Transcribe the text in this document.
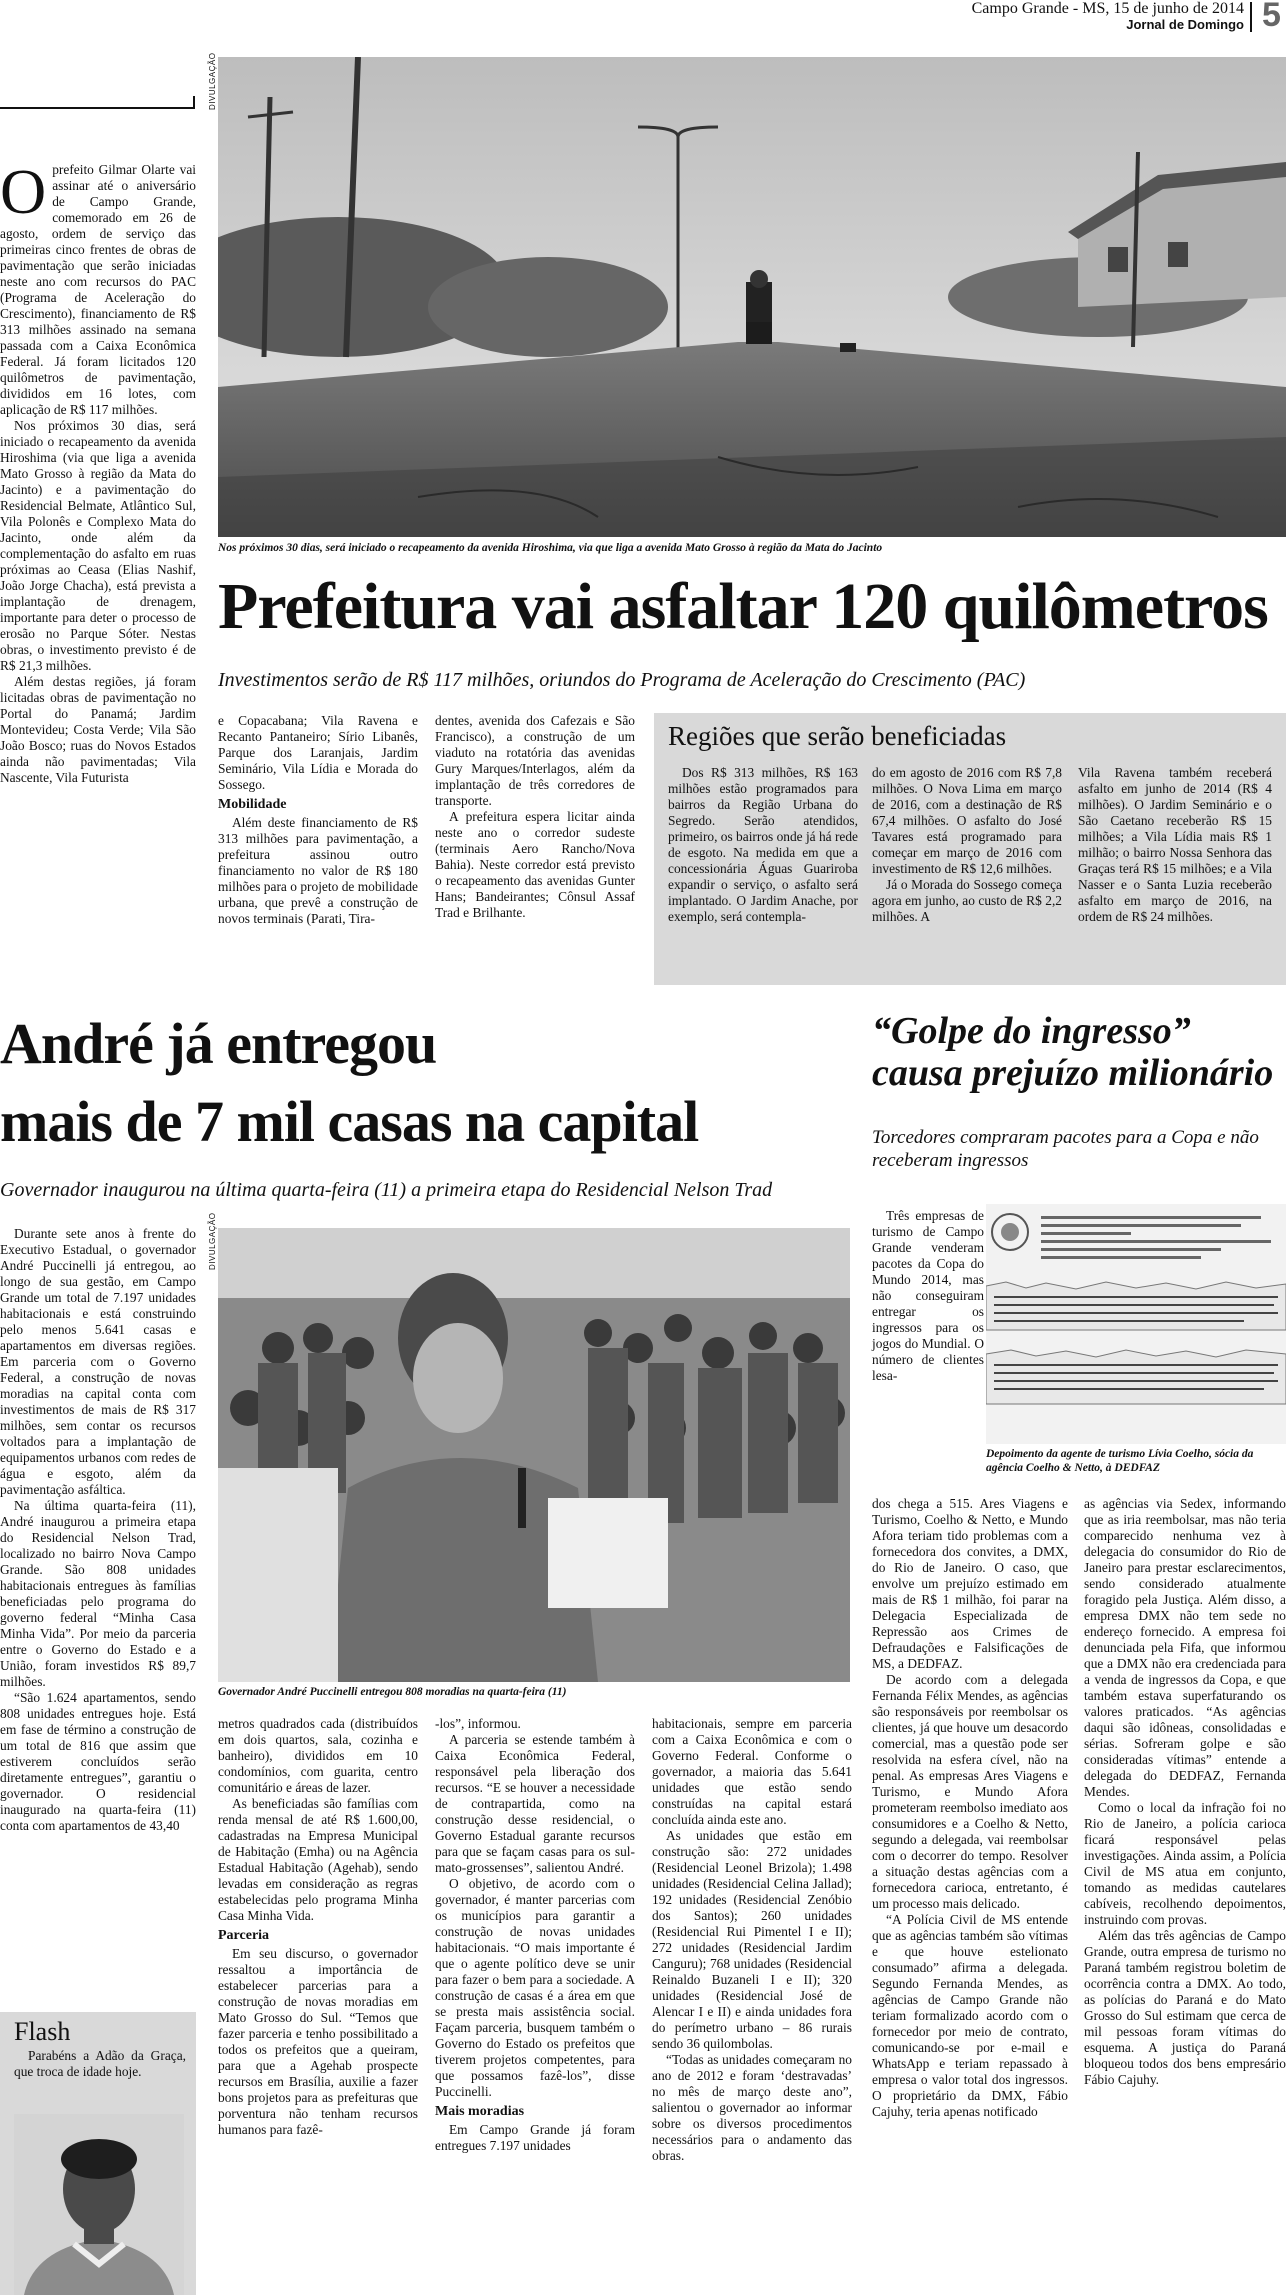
Campo Grande - MS, 15 de junho de 2014
Jornal de Domingo 5
DIVULGAÇÃO

Oprefeito Gilmar Olarte vai assinar até o aniversário de Campo Grande, comemorado em 26 de agosto, ordem de serviço das primeiras cinco frentes de obras de pavimentação que serão iniciadas neste ano com recursos do PAC (Programa de Aceleração do Crescimento), financiamento de R$ 313 milhões assinado na semana passada com a Caixa Econômica Federal. Já foram licitados 120 quilômetros de pavimentação, divididos em 16 lotes, com aplicação de R$ 117 milhões.

Nos próximos 30 dias, será iniciado o recapeamento da avenida Hiroshima (via que liga a avenida Mato Grosso à região da Mata do Jacinto) e a pavimentação do Residencial Belmate, Atlântico Sul, Vila Polonês e Complexo Mata do Jacinto, onde além da complementação do asfalto em ruas próximas ao Ceasa (Elias Nashif, João Jorge Chacha), está prevista a implantação de drenagem, importante para deter o processo de erosão no Parque Sóter. Nestas obras, o investimento previsto é de R$ 21,3 milhões.

Além destas regiões, já foram licitadas obras de pavimentação no Portal do Panamá; Jardim Montevideu; Costa Verde; Vila São João Bosco; ruas do Novos Estados ainda não pavimentadas; Vila Nascente, Vila Futurista

Nos próximos 30 dias, será iniciado o recapeamento da avenida Hiroshima, via que liga a avenida Mato Grosso à região da Mata do Jacinto
Prefeitura vai asfaltar 120 quilômetros
Investimentos serão de R$ 117 milhões, oriundos do Programa de Aceleração do Crescimento (PAC)

e Copacabana; Vila Ravena e Recanto Pantaneiro; Sírio Libanês, Parque dos Laranjais, Jardim Seminário, Vila Lídia e Morada do Sossego.

Mobilidade

Além deste financiamento de R$ 313 milhões para pavimentação, a prefeitura assinou outro financiamento no valor de R$ 180 milhões para o projeto de mobilidade urbana, que prevê a construção de novos terminais (Parati, Tira-

dentes, avenida dos Cafezais e São Francisco), a construção de um viaduto na rotatória das avenidas Gury Marques/Interlagos, além da implantação de três corredores de transporte.

A prefeitura espera licitar ainda neste ano o corredor sudeste (terminais Aero Rancho/Nova Bahia). Neste corredor está previsto o recapeamento das avenidas Gunter Hans; Bandeirantes; Cônsul Assaf Trad e Brilhante.

Regiões que serão beneficiadas

Dos R$ 313 milhões, R$ 163 milhões estão programados para bairros da Região Urbana do Segredo. Serão atendidos, primeiro, os bairros onde já há rede de esgoto. Na medida em que a concessionária Águas Guariroba expandir o serviço, o asfalto será implantado. O Jardim Anache, por exemplo, será contempla-

do em agosto de 2016 com R$ 7,8 milhões. O Nova Lima em março de 2016, com a destinação de R$ 67,4 milhões. O asfalto do José Tavares está programado para começar em março de 2016 com investimento de R$ 12,6 milhões.

Já o Morada do Sossego começa agora em junho, ao custo de R$ 2,2 milhões. A

Vila Ravena também receberá asfalto em junho de 2014 (R$ 4 milhões). O Jardim Seminário e o São Caetano receberão R$ 15 milhões; a Vila Lídia mais R$ 1 milhão; o bairro Nossa Senhora das Graças terá R$ 15 milhões; e a Vila Nasser e o Santa Luzia receberão asfalto em março de 2016, na ordem de R$ 24 milhões.

André já entregou
mais de 7 mil casas na capital
Governador inaugurou na última quarta-feira (11) a primeira etapa do Residencial Nelson Trad

Durante sete anos à frente do Executivo Estadual, o governador André Puccinelli já entregou, ao longo de sua gestão, em Campo Grande um total de 7.197 unidades habitacionais e está construindo pelo menos 5.641 casas e apartamentos em diversas regiões. Em parceria com o Governo Federal, a construção de novas moradias na capital conta com investimentos de mais de R$ 317 milhões, sem contar os recursos voltados para a implantação de equipamentos urbanos com redes de água e esgoto, além da pavimentação asfáltica.

Na última quarta-feira (11), André inaugurou a primeira etapa do Residencial Nelson Trad, localizado no bairro Nova Campo Grande. São 808 unidades habitacionais entregues às famílias beneficiadas pelo programa do governo federal “Minha Casa Minha Vida”. Por meio da parceria entre o Governo do Estado e a União, foram investidos R$ 89,7 milhões.

“São 1.624 apartamentos, sendo 808 unidades entregues hoje. Está em fase de término a construção de um total de 816 que assim que estiverem concluídos serão diretamente entregues”, garantiu o governador. O residencial inaugurado na quarta-feira (11) conta com apartamentos de 43,40

DIVULGAÇÃO
Governador André Puccinelli entregou 808 moradias na quarta-feira (11)

metros quadrados cada (distribuídos em dois quartos, sala, cozinha e banheiro), divididos em 10 condomínios, com guarita, centro comunitário e áreas de lazer.

As beneficiadas são famílias com renda mensal de até R$ 1.600,00, cadastradas na Empresa Municipal de Habitação (Emha) ou na Agência Estadual Habitação (Agehab), sendo levadas em consideração as regras estabelecidas pelo programa Minha Casa Minha Vida.

Parceria

Em seu discurso, o governador ressaltou a importância de estabelecer parcerias para a construção de novas moradias em Mato Grosso do Sul. “Temos que fazer parceria e tenho possibilitado a todos os prefeitos que a queiram, para que a Agehab prospecte recursos em Brasília, auxilie a fazer bons projetos para as prefeituras que porventura não tenham recursos humanos para fazê-

-los”, informou.

A parceria se estende também à Caixa Econômica Federal, responsável pela liberação dos recursos. “E se houver a necessidade de contrapartida, como na construção desse residencial, o Governo Estadual garante recursos para que se façam casas para os sul-mato-grossenses”, salientou André.

O objetivo, de acordo com o governador, é manter parcerias com os municípios para garantir a construção de novas unidades habitacionais. “O mais importante é que o agente político deve se unir para fazer o bem para a sociedade. A construção de casas é a área em que se presta mais assistência social. Façam parceria, busquem também o Governo do Estado os prefeitos que tiverem projetos competentes, para que possamos fazê-los”, disse Puccinelli.

Mais moradias

Em Campo Grande já foram entregues 7.197 unidades

habitacionais, sempre em parceria com a Caixa Econômica e com o Governo Federal. Conforme o governador, a maioria das 5.641 unidades que estão sendo construídas na capital estará concluída ainda este ano.

As unidades que estão em construção são: 272 unidades (Residencial Leonel Brizola); 1.498 unidades (Residencial Celina Jallad); 192 unidades (Residencial Zenóbio dos Santos); 260 unidades (Residencial Rui Pimentel I e II); 272 unidades (Residencial Jardim Canguru); 768 unidades (Residencial Reinaldo Buzaneli I e II); 320 unidades (Residencial José de Alencar I e II) e ainda unidades fora do perímetro urbano – 86 rurais sendo 36 quilombolas.

“Todas as unidades começaram no ano de 2012 e foram ‘destravadas’ no mês de março deste ano”, salientou o governador ao informar sobre os diversos procedimentos necessários para o andamento das obras.

Flash

Parabéns a Adão da Graça, que troca de idade hoje.

“Golpe do ingresso” causa prejuízo milionário
Torcedores compraram pacotes para a Copa e não receberam ingressos

Três empresas de turismo de Campo Grande venderam pacotes da Copa do Mundo 2014, mas não conseguiram entregar os ingressos para os jogos do Mundial. O número de clientes lesa-

Depoimento da agente de turismo Lívia Coelho, sócia da agência Coelho & Netto, à DEDFAZ

dos chega a 515. Ares Viagens e Turismo, Coelho & Netto, e Mundo Afora teriam tido problemas com a fornecedora dos convites, a DMX, do Rio de Janeiro. O caso, que envolve um prejuízo estimado em mais de R$ 1 milhão, foi parar na Delegacia Especializada de Repressão aos Crimes de Defraudações e Falsificações de MS, a DEDFAZ.

De acordo com a delegada Fernanda Félix Mendes, as agências são responsáveis por reembolsar os clientes, já que houve um desacordo comercial, mas a questão pode ser resolvida na esfera cível, não na penal. As empresas Ares Viagens e Turismo, e Mundo Afora prometeram reembolso imediato aos consumidores e a Coelho & Netto, segundo a delegada, vai reembolsar com o decorrer do tempo. Resolver a situação destas agências com a fornecedora carioca, entretanto, é um processo mais delicado.

“A Polícia Civil de MS entende que as agências também são vítimas e que houve estelionato consumado” afirma a delegada. Segundo Fernanda Mendes, as agências de Campo Grande não teriam formalizado acordo com o fornecedor por meio de contrato, comunicando-se por e-mail e WhatsApp e teriam repassado à empresa o valor total dos ingressos. O proprietário da DMX, Fábio Cajuhy, teria apenas notificado

as agências via Sedex, informando que as iria reembolsar, mas não teria comparecido nenhuma vez à delegacia do consumidor do Rio de Janeiro para prestar esclarecimentos, sendo considerado atualmente foragido pela Justiça. Além disso, a empresa DMX não tem sede no endereço fornecido. A empresa foi denunciada pela Fifa, que informou que a DMX não era credenciada para a venda de ingressos da Copa, e que também estava superfaturando os valores praticados. “As agências daqui são idôneas, consolidadas e sérias. Sofreram golpe e são consideradas vítimas” entende a delegada do DEDFAZ, Fernanda Mendes.

Como o local da infração foi no Rio de Janeiro, a polícia carioca ficará responsável pelas investigações. Ainda assim, a Polícia Civil de MS atua em conjunto, tomando as medidas cautelares cabíveis, recolhendo depoimentos, instruindo com provas.

Além das três agências de Campo Grande, outra empresa de turismo no Paraná também registrou boletim de ocorrência contra a DMX. Ao todo, as polícias do Paraná e do Mato Grosso do Sul estimam que cerca de mil pessoas foram vítimas do esquema. A justiça do Paraná bloqueou todos dos bens empresário Fábio Cajuhy.
